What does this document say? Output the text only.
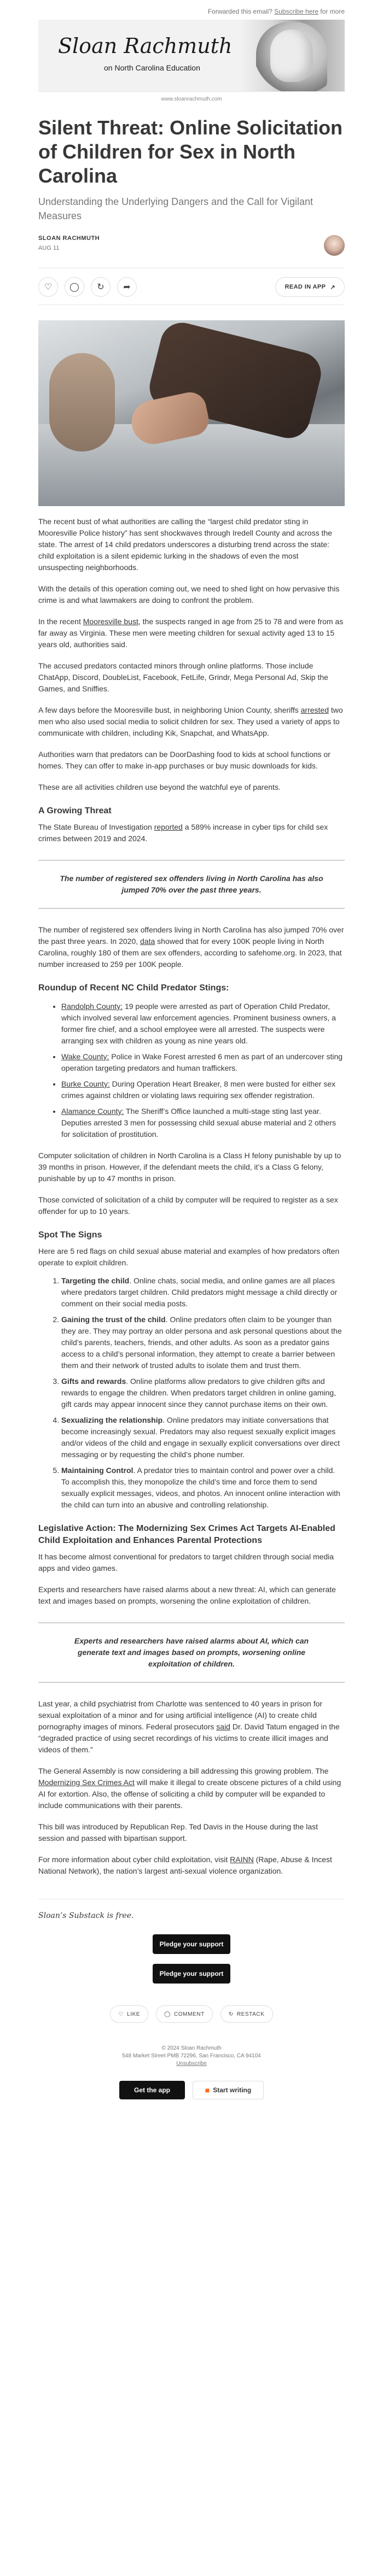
Forwarded this email? Subscribe here for more
Sloan Rachmuth
on North Carolina Education
www.sloanrachmuth.com
Silent Threat: Online Solicitation of Children for Sex in North Carolina
Understanding the Underlying Dangers and the Call for Vigilant Measures
SLOAN RACHMUTH
AUG 11
♡ ◯ ↻ ➦	READ IN APP ↗

The recent bust of what authorities are calling the “largest child predator sting in Mooresville Police history” has sent shockwaves through Iredell County and across the state. The arrest of 14 child predators underscores a disturbing trend across the state: child exploitation is a silent epidemic lurking in the shadows of even the most unsuspecting neighborhoods.

With the details of this operation coming out, we need to shed light on how pervasive this crime is and what lawmakers are doing to confront the problem.

In the recent Mooresville bust, the suspects ranged in age from 25 to 78 and were from as far away as Virginia. These men were meeting children for sexual activity aged 13 to 15 years old, authorities said.

The accused predators contacted minors through online platforms. Those include ChatApp, Discord, DoubleList, Facebook, FetLife, Grindr, Mega Personal Ad, Skip the Games, and Sniffies.

A few days before the Mooresville bust, in neighboring Union County, sheriffs arrested two men who also used social media to solicit children for sex. They used a variety of apps to communicate with children, including Kik, Snapchat, and WhatsApp.

Authorities warn that predators can be DoorDashing food to kids at school functions or homes. They can offer to make in-app purchases or buy music downloads for kids.

These are all activities children use beyond the watchful eye of parents.

A Growing Threat

The State Bureau of Investigation reported a 589% increase in cyber tips for child sex crimes between 2019 and 2024.

The number of registered sex offenders living in North Carolina has also jumped 70% over the past three years.

The number of registered sex offenders living in North Carolina has also jumped 70% over the past three years. In 2020, data showed that for every 100K people living in North Carolina, roughly 180 of them are sex offenders, according to safehome.org. In 2023, that number increased to 259 per 100K people.

Roundup of Recent NC Child Predator Stings:
• Randolph County: 19 people were arrested as part of Operation Child Predator, which involved several law enforcement agencies. Prominent business owners, a former fire chief, and a school employee were all arrested. The suspects were arranging sex with children as young as nine years old.
• Wake County: Police in Wake Forest arrested 6 men as part of an undercover sting operation targeting predators and human traffickers.
• Burke County: During Operation Heart Breaker, 8 men were busted for either sex crimes against children or violating laws requiring sex offender registration.
• Alamance County: The Sheriff’s Office launched a multi-stage sting last year. Deputies arrested 3 men for possessing child sexual abuse material and 2 others for solicitation of prostitution.

Computer solicitation of children in North Carolina is a Class H felony punishable by up to 39 months in prison. However, if the defendant meets the child, it’s a Class G felony, punishable by up to 47 months in prison.

Those convicted of solicitation of a child by computer will be required to register as a sex offender for up to 10 years.

Spot The Signs

Here are 5 red flags on child sexual abuse material and examples of how predators often operate to exploit children.

1. Targeting the child. Online chats, social media, and online games are all places where predators target children. Child predators might message a child directly or comment on their social media posts.
2. Gaining the trust of the child. Online predators often claim to be younger than they are. They may portray an older persona and ask personal questions about the child’s parents, teachers, friends, and other adults. As soon as a predator gains access to a child’s personal information, they attempt to create a barrier between them and their network of trusted adults to isolate them and trust them.
3. Gifts and rewards. Online platforms allow predators to give children gifts and rewards to engage the children. When predators target children in online gaming, gift cards may appear innocent since they cannot purchase items on their own.
4. Sexualizing the relationship. Online predators may initiate conversations that become increasingly sexual. Predators may also request sexually explicit images and/or videos of the child and engage in sexually explicit conversations over direct messaging or by requesting the child’s phone number.
5. Maintaining Control. A predator tries to maintain control and power over a child. To accomplish this, they monopolize the child’s time and force them to send sexually explicit messages, videos, and photos. An innocent online interaction with the child can turn into an abusive and controlling relationship.
Legislative Action: The Modernizing Sex Crimes Act Targets AI-Enabled Child Exploitation and Enhances Parental Protections

It has become almost conventional for predators to target children through social media apps and video games.

Experts and researchers have raised alarms about a new threat: AI, which can generate text and images based on prompts, worsening the online exploitation of children.

Experts and researchers have raised alarms about AI, which can generate text and images based on prompts, worsening online exploitation of children.

Last year, a child psychiatrist from Charlotte was sentenced to 40 years in prison for sexual exploitation of a minor and for using artificial intelligence (AI) to create child pornography images of minors. Federal prosecutors said Dr. David Tatum engaged in the “degraded practice of using secret recordings of his victims to create illicit images and videos of them.”

The General Assembly is now considering a bill addressing this growing problem. The Modernizing Sex Crimes Act will make it illegal to create obscene pictures of a child using AI for extortion. Also, the offense of soliciting a child by computer will be expanded to include communications with their parents.

This bill was introduced by Republican Rep. Ted Davis in the House during the last session and passed with bipartisan support.

For more information about cyber child exploitation, visit RAINN (Rape, Abuse & Incest National Network), the nation’s largest anti-sexual violence organization.

Sloan’s Substack is free.
Pledge your support
Pledge your support
♡ LIKE	◯ COMMENT	↻ RESTACK
© 2024 Sloan Rachmuth
548 Market Street PMB 72296, San Francisco, CA 94104
Unsubscribe
Get the app	■ Start writing
